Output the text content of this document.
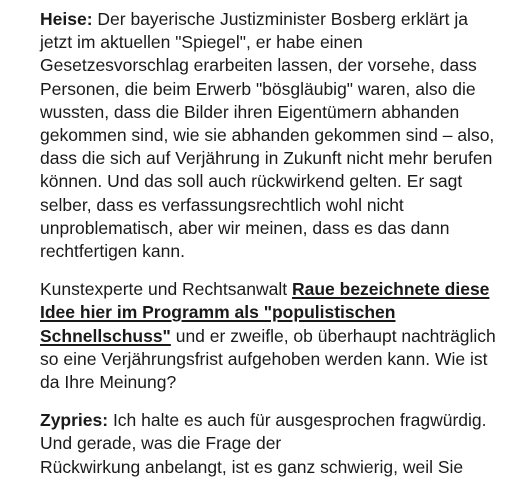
Heise: Der bayerische Justizminister Bosberg erklärt ja jetzt im aktuellen "Spiegel", er habe einen Gesetzesvorschlag erarbeiten lassen, der vorsehe, dass Personen, die beim Erwerb "bösgläubig" waren, also die wussten, dass die Bilder ihren Eigentümern abhanden gekommen sind, wie sie abhanden gekommen sind – also, dass die sich auf Verjährung in Zukunft nicht mehr berufen können. Und das soll auch rückwirkend gelten. Er sagt selber, dass es verfassungsrechtlich wohl nicht unproblematisch, aber wir meinen, dass es das dann rechtfertigen kann.

Kunstexperte und Rechtsanwalt Raue bezeichnete diese Idee hier im Programm als "populistischen Schnellschuss" und er zweifle, ob überhaupt nachträglich so eine Verjährungsfrist aufgehoben werden kann. Wie ist da Ihre Meinung?

Zypries: Ich halte es auch für ausgesprochen fragwürdig. Und gerade, was die Frage der
Rückwirkung anbelangt, ist es ganz schwierig, weil Sie
